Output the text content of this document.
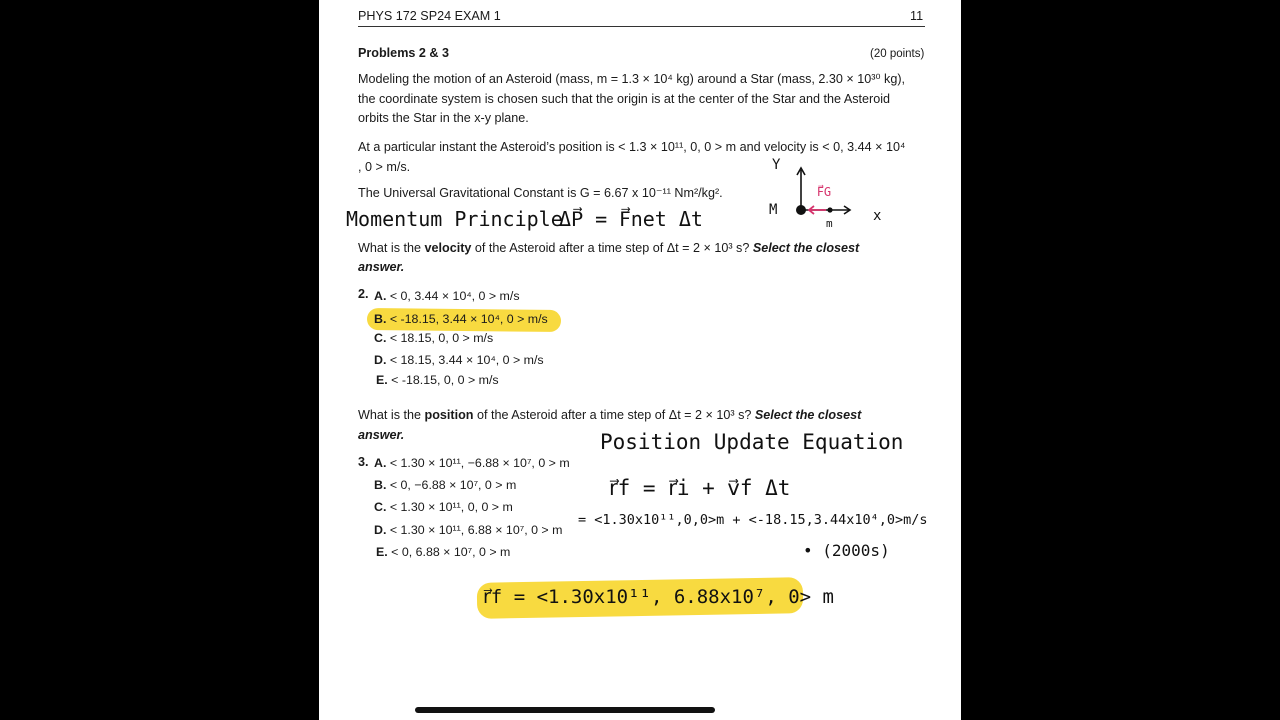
PHYS 172 SP24 EXAM 1	11
Problems 2 & 3	(20 points)
Modeling the motion of an Asteroid (mass, m = 1.3 × 10⁴ kg) around a Star (mass, 2.30 × 10³⁰ kg),
the coordinate system is chosen such that the origin is at the center of the Star and the Asteroid
orbits the Star in the x-y plane.
At a particular instant the Asteroid’s position is < 1.3 × 10¹¹, 0, 0 > m and velocity is < 0, 3.44 × 10⁴
, 0 > m/s.
The Universal Gravitational Constant is G = 6.67 x 10⁻¹¹ Nm²/kg².
Momentum Principle
ΔP⃗ = F⃗net Δt
Y
x
M
m
F⃗G
What is the velocity of the Asteroid after a time step of Δt = 2 × 10³ s? Select the closest
answer.
2. A. < 0, 3.44 × 10⁴, 0 > m/s
B. < -18.15, 3.44 × 10⁴, 0 > m/s
C. < 18.15, 0, 0 > m/s
D. < 18.15, 3.44 × 10⁴, 0 > m/s
E. < -18.15, 0, 0 > m/s
What is the position of the Asteroid after a time step of Δt = 2 × 10³ s? Select the closest
answer.
3. A. < 1.30 × 10¹¹, −6.88 × 10⁷, 0 > m
B. < 0, −6.88 × 10⁷, 0 > m
C. < 1.30 × 10¹¹, 0, 0 > m
D. < 1.30 × 10¹¹, 6.88 × 10⁷, 0 > m
E. < 0, 6.88 × 10⁷, 0 > m
Position Update Equation
r⃗f = r⃗i + v⃗f Δt
= <1.30x10¹¹,0,0>m + <-18.15,3.44x10⁴,0>m/s
• (2000s)
r⃗f = <1.30x10¹¹, 6.88x10⁷, 0> m
